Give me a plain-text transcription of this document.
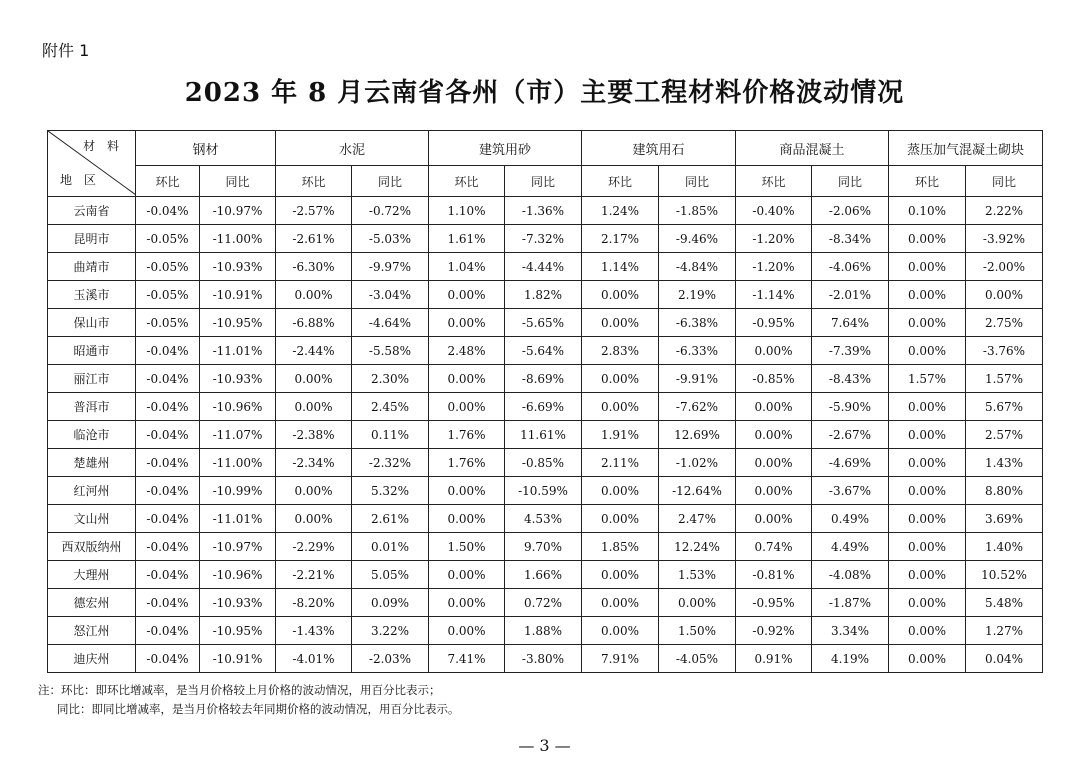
附件 1
2023 年 8 月云南省各州（市）主要工程材料价格波动情况
材 料
地 区	钢材		水泥		建筑用砂		建筑用石		商品混凝土		蒸压加气混凝土砌块	
	环比	同比	环比	同比	环比	同比	环比	同比	环比	同比	环比	同比
云南省	-0.04%	-10.97%	-2.57%	-0.72%	1.10%	-1.36%	1.24%	-1.85%	-0.40%	-2.06%	0.10%	2.22%
昆明市	-0.05%	-11.00%	-2.61%	-5.03%	1.61%	-7.32%	2.17%	-9.46%	-1.20%	-8.34%	0.00%	-3.92%
曲靖市	-0.05%	-10.93%	-6.30%	-9.97%	1.04%	-4.44%	1.14%	-4.84%	-1.20%	-4.06%	0.00%	-2.00%
玉溪市	-0.05%	-10.91%	0.00%	-3.04%	0.00%	1.82%	0.00%	2.19%	-1.14%	-2.01%	0.00%	0.00%
保山市	-0.05%	-10.95%	-6.88%	-4.64%	0.00%	-5.65%	0.00%	-6.38%	-0.95%	7.64%	0.00%	2.75%
昭通市	-0.04%	-11.01%	-2.44%	-5.58%	2.48%	-5.64%	2.83%	-6.33%	0.00%	-7.39%	0.00%	-3.76%
丽江市	-0.04%	-10.93%	0.00%	2.30%	0.00%	-8.69%	0.00%	-9.91%	-0.85%	-8.43%	1.57%	1.57%
普洱市	-0.04%	-10.96%	0.00%	2.45%	0.00%	-6.69%	0.00%	-7.62%	0.00%	-5.90%	0.00%	5.67%
临沧市	-0.04%	-11.07%	-2.38%	0.11%	1.76%	11.61%	1.91%	12.69%	0.00%	-2.67%	0.00%	2.57%
楚雄州	-0.04%	-11.00%	-2.34%	-2.32%	1.76%	-0.85%	2.11%	-1.02%	0.00%	-4.69%	0.00%	1.43%
红河州	-0.04%	-10.99%	0.00%	5.32%	0.00%	-10.59%	0.00%	-12.64%	0.00%	-3.67%	0.00%	8.80%
文山州	-0.04%	-11.01%	0.00%	2.61%	0.00%	4.53%	0.00%	2.47%	0.00%	0.49%	0.00%	3.69%
西双版纳州	-0.04%	-10.97%	-2.29%	0.01%	1.50%	9.70%	1.85%	12.24%	0.74%	4.49%	0.00%	1.40%
大理州	-0.04%	-10.96%	-2.21%	5.05%	0.00%	1.66%	0.00%	1.53%	-0.81%	-4.08%	0.00%	10.52%
德宏州	-0.04%	-10.93%	-8.20%	0.09%	0.00%	0.72%	0.00%	0.00%	-0.95%	-1.87%	0.00%	5.48%
怒江州	-0.04%	-10.95%	-1.43%	3.22%	0.00%	1.88%	0.00%	1.50%	-0.92%	3.34%	0.00%	1.27%
迪庆州	-0.04%	-10.91%	-4.01%	-2.03%	7.41%	-3.80%	7.91%	-4.05%	0.91%	4.19%	0.00%	0.04%
注：环比：即环比增减率，是当月价格较上月价格的波动情况，用百分比表示；
同比：即同比增减率，是当月价格较去年同期价格的波动情况，用百分比表示。
— 3 —
